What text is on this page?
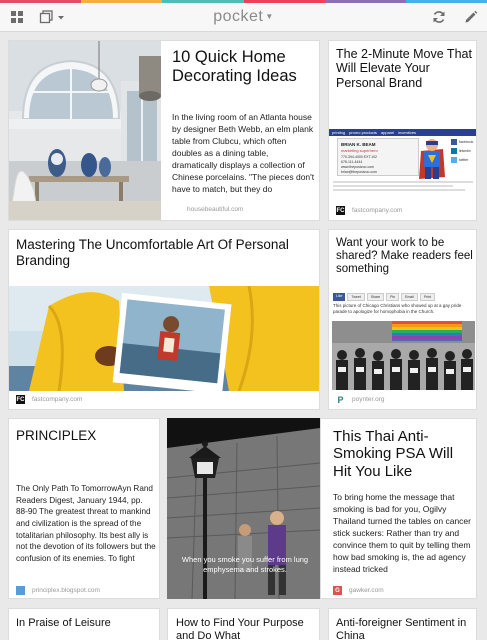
pocket ▼
10 Quick Home Decorating Ideas
In the living room of an Atlanta house by designer Beth Webb, an elm plank table from Clubcu, which often doubles as a dining table, dramatically displays a collection of Chinese porcelains. "The pieces don't have to match, but they do
housebeautiful.com
The 2-Minute Move That Will Elevate Your Personal Brand
printing promo products apparel incentives
BRIAN K. BEAM
marketing superhero
770-394-4000 EXT.102
678-111-4444
www.thepostzoo.com
brian@thepostzoo.com
facebook
linkedin
twitter
FC fastcompany.com
Mastering The Uncomfortable Art Of Personal Branding
FC fastcompany.com
Want your work to be shared? Make readers feel something
Like	Tweet	Share	Pin	Email	Print
This picture of Chicago Christians who showed up at a gay pride parade to apologize for homophobia in the Church.
P poynter.org
PRINCIPLEX
The Only Path To TomorrowAyn Rand Readers Digest, January 1944, pp. 88-90 The greatest threat to mankind and civilization is the spread of the totalitarian philosophy. Its best ally is not the devotion of its followers but the confusion of its enemies. To fight
principlex.blogspot.com
When you smoke you suffer from lung emphysema and strokes.
This Thai Anti-Smoking PSA Will Hit You Like
To bring home the message that smoking is bad for you, Ogilvy Thailand turned the tables on cancer stick suckers: Rather than try and convince them to quit by telling them how bad smoking is, the ad agency instead tricked
G	gawker.com
In Praise of Leisure	How to Find Your Purpose and Do What
Anti-foreigner Sentiment in China
